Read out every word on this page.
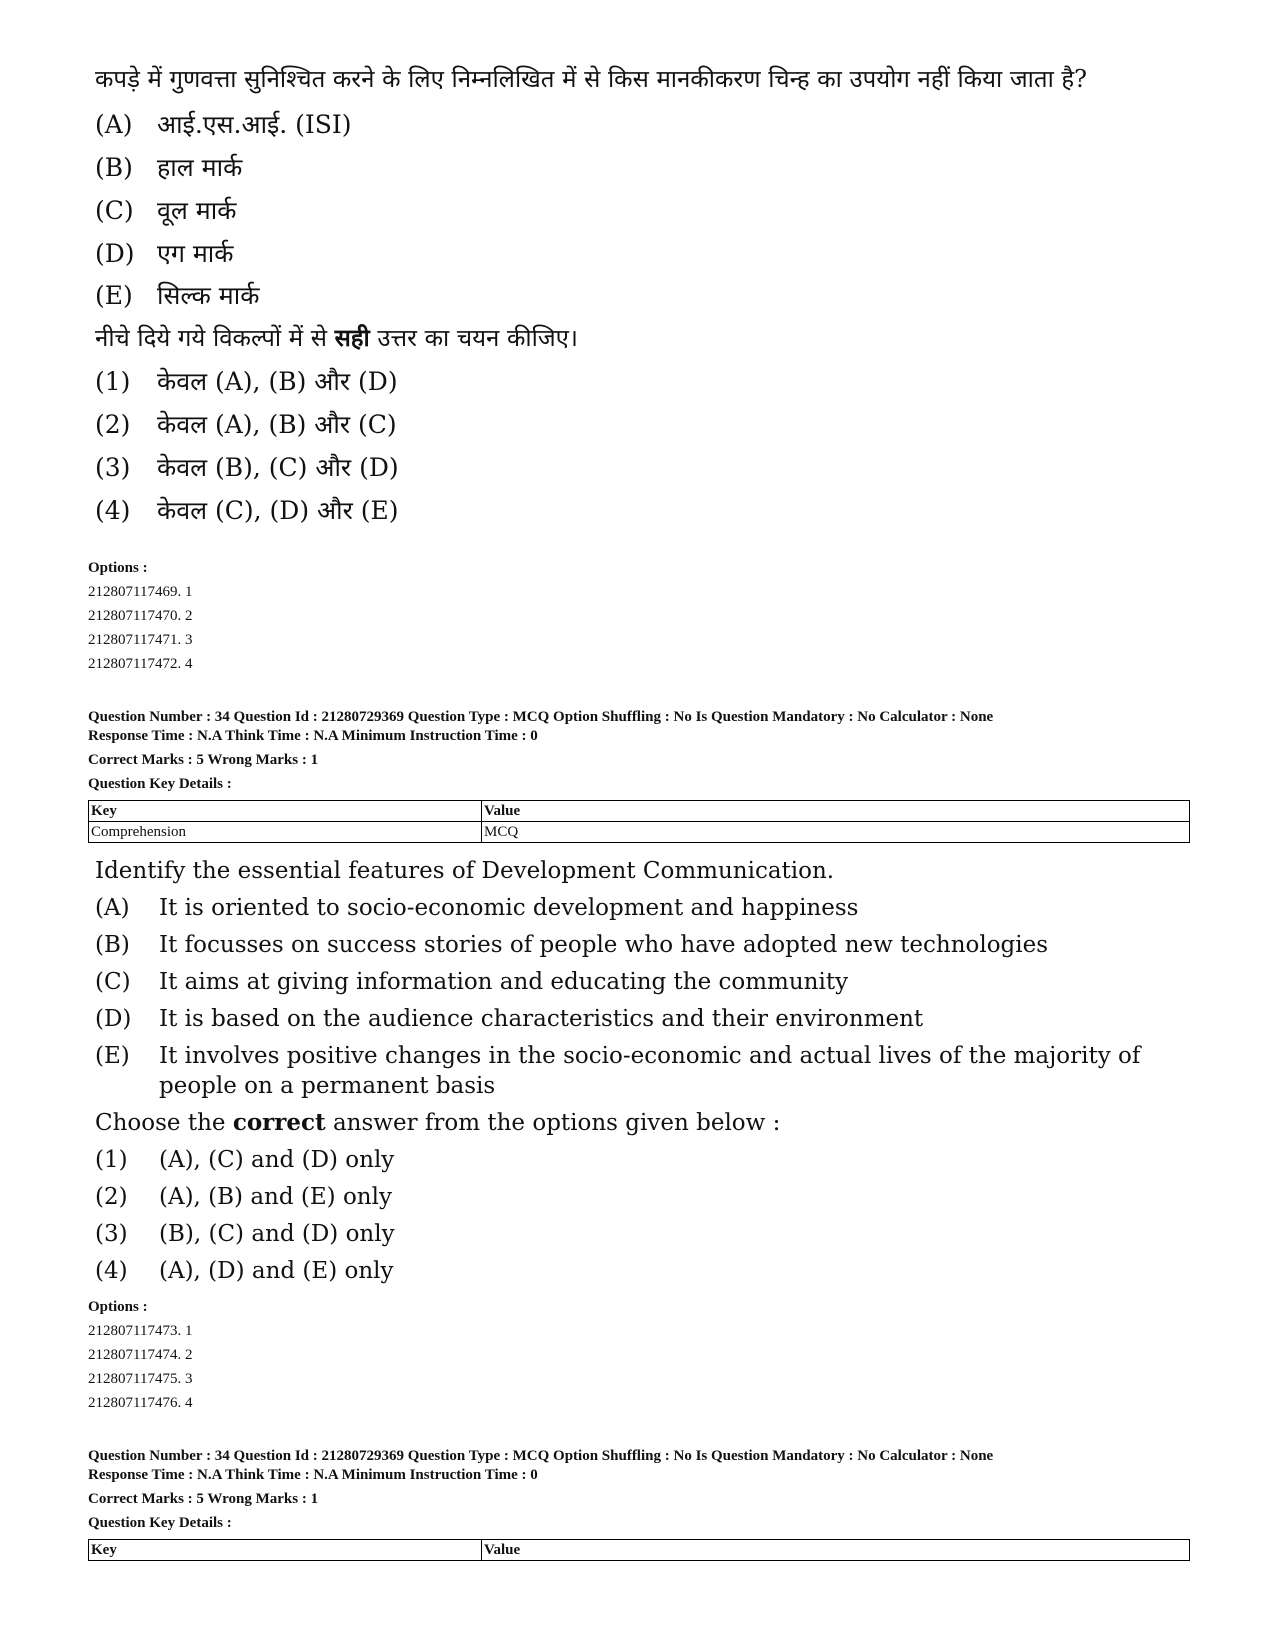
कपड़े में गुणवत्ता सुनिश्चित करने के लिए निम्नलिखित में से किस मानकीकरण चिन्ह का उपयोग नहीं किया जाता है?
(A) आई.एस.आई. (ISI)
(B) हाल मार्क
(C) वूल मार्क
(D) एग मार्क
(E) सिल्क मार्क
नीचे दिये गये विकल्पों में से सही उत्तर का चयन कीजिए।
(1) केवल (A), (B) और (D)
(2) केवल (A), (B) और (C)
(3) केवल (B), (C) और (D)
(4) केवल (C), (D) और (E)
Options :
212807117469. 1
212807117470. 2
212807117471. 3
212807117472. 4
Question Number : 34 Question Id : 21280729369 Question Type : MCQ Option Shuffling : No Is Question Mandatory : No Calculator : None
Response Time : N.A Think Time : N.A Minimum Instruction Time : 0
Correct Marks : 5 Wrong Marks : 1
Question Key Details :
Key	Value
Comprehension	MCQ
Identify the essential features of Development Communication.
(A) It is oriented to socio-economic development and happiness
(B) It focusses on success stories of people who have adopted new technologies
(C) It aims at giving information and educating the community
(D) It is based on the audience characteristics and their environment
(E) It involves positive changes in the socio-economic and actual lives of the majority of people on a permanent basis
Choose the correct answer from the options given below :
(1) (A), (C) and (D) only
(2) (A), (B) and (E) only
(3) (B), (C) and (D) only
(4) (A), (D) and (E) only
Options :
212807117473. 1
212807117474. 2
212807117475. 3
212807117476. 4
Question Number : 34 Question Id : 21280729369 Question Type : MCQ Option Shuffling : No Is Question Mandatory : No Calculator : None
Response Time : N.A Think Time : N.A Minimum Instruction Time : 0
Correct Marks : 5 Wrong Marks : 1
Question Key Details :
Key	Value
